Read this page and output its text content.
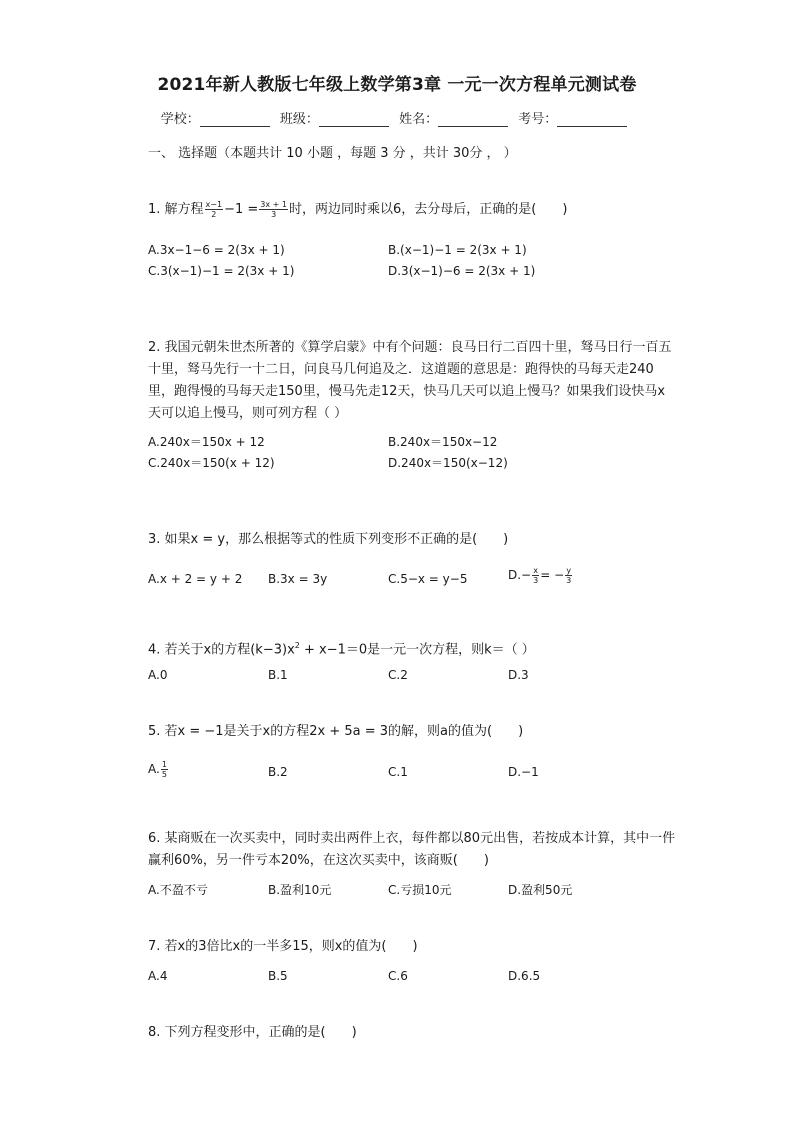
2021年新人教版七年级上数学第3章 一元一次方程单元测试卷
学校：	班级：	姓名：	考号：
一、 选择题（本题共计 10 小题 ，每题 3 分 ，共计 30分 ， ）
1. 解方程 $\frac{x-1}{2} -1 = \frac{3x + 1}{3}$ 时，两边同时乘以6，去分母后，正确的是(　　)
A.3x−1−6 = 2(3x + 1)	B.(x−1)−1 = 2(3x + 1)
C.3(x−1)−1 = 2(3x + 1)	D.3(x−1)−6 = 2(3x + 1)
2. 我国元朝朱世杰所著的《算学启蒙》中有个问题：良马日行二百四十里，驽马日行一百五十里，驽马先行一十二日，问良马几何追及之．这道题的意思是：跑得快的马每天走240里，跑得慢的马每天走150里，慢马先走12天，快马几天可以追上慢马？如果我们设快马x天可以追上慢马，则可列方程（ ）
A.240x＝150x + 12	B.240x＝150x−12
C.240x＝150(x + 12)	D.240x＝150(x−12)
3. 如果x = y，那么根据等式的性质下列变形不正确的是(　　)
A.x + 2 = y + 2 B.3x = 3y	C.5−x = y−5	$D.- \frac{x}{3}$ = − $\frac{y}{3}$
4. 若关于x的方程$(k-3)x^2 + x-1=0$是一元一次方程，则k＝（ ）
A.0	B.1	C.2	D.3
5. 若x = −1是关于x的方程2x + 5a = 3的解，则a的值为(　　)
A. $\frac{1}{5}$	B.2	C.1	D.−1
6. 某商贩在一次买卖中，同时卖出两件上衣，每件都以80元出售，若按成本计算，其中一件赢利60%，另一件亏本20%，在这次买卖中，该商贩(　　)
A.不盈不亏	B.盈利10元	C.亏损10元	D.盈利50元
7. 若x的3倍比x的一半多15，则x的值为(　　)
A.4	B.5	C.6	D.6.5
8. 下列方程变形中，正确的是(　　)
